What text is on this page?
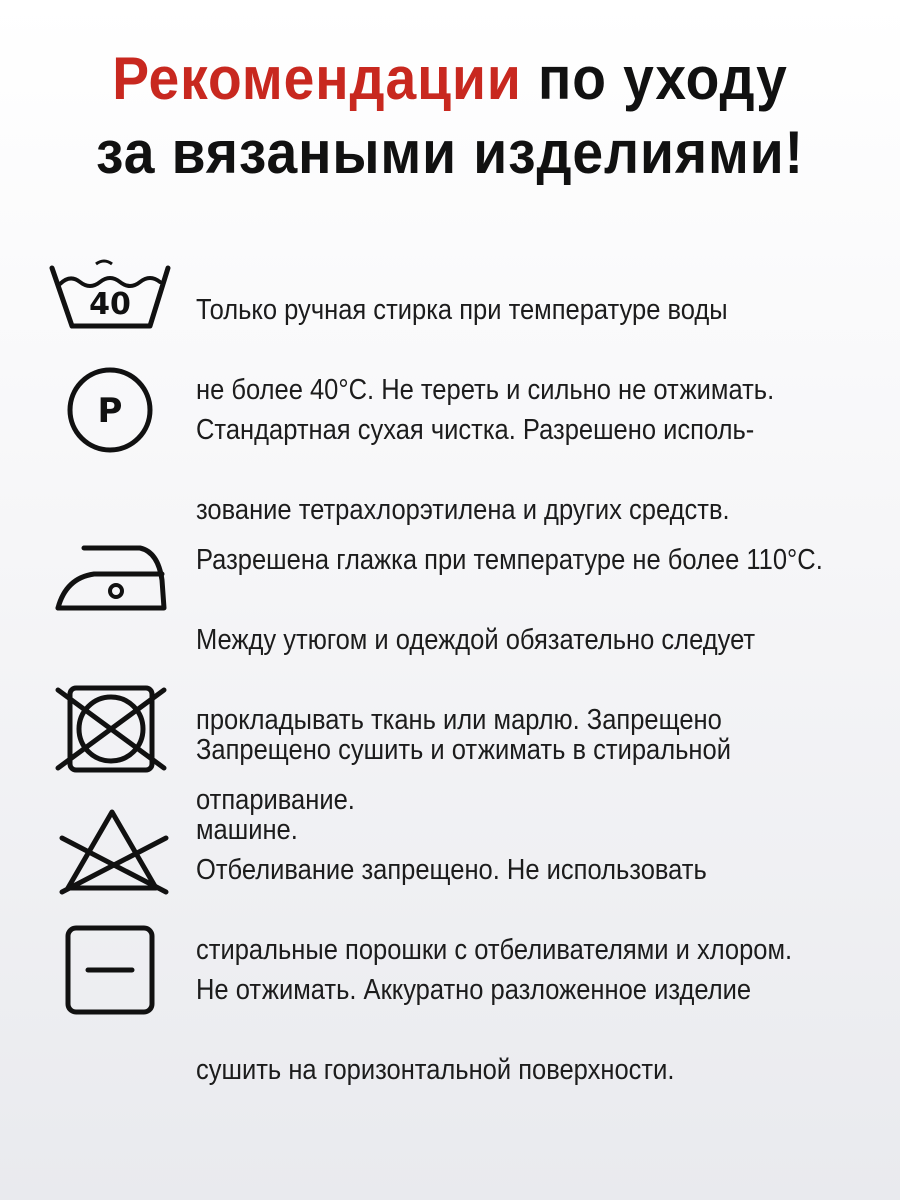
Рекомендации по уходу
за вязаными изделиями!
40 Только ручная стирка при температуре воды

не более 40°С. Не тереть и сильно не отжимать.

P	Стандартная сухая чистка. Разрешено исполь-

зование тетрахлорэтилена и других средств.

Разрешена глажка при температуре не более 110°С.

Между утюгом и одеждой обязательно следует

прокладывать ткань или марлю. Запрещено

отпаривание.

Запрещено сушить и отжимать в стиральной

машине.

Отбеливание запрещено. Не использовать

стиральные порошки с отбеливателями и хлором.

Не отжимать. Аккуратно разложенное изделие

сушить на горизонтальной поверхности.
